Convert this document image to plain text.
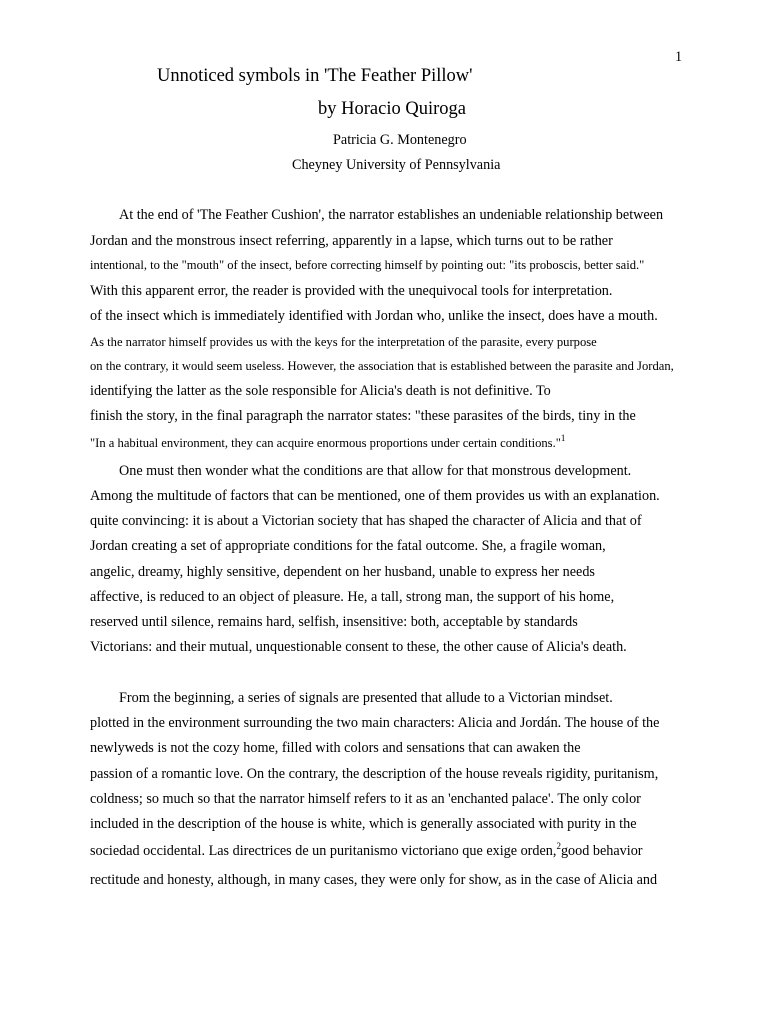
1
Unnoticed symbols in 'The Feather Pillow'
by Horacio Quiroga
Patricia G. Montenegro
Cheyney University of Pennsylvania
At the end of 'The Feather Cushion', the narrator establishes an undeniable relationship between
Jordan and the monstrous insect referring, apparently in a lapse, which turns out to be rather
intentional, to the "mouth" of the insect, before correcting himself by pointing out: "its proboscis, better said."
With this apparent error, the reader is provided with the unequivocal tools for interpretation.
of the insect which is immediately identified with Jordan who, unlike the insect, does have a mouth.
As the narrator himself provides us with the keys for the interpretation of the parasite, every purpose
on the contrary, it would seem useless. However, the association that is established between the parasite and Jordan,
identifying the latter as the sole responsible for Alicia's death is not definitive. To
finish the story, in the final paragraph the narrator states: "these parasites of the birds, tiny in the
"In a habitual environment, they can acquire enormous proportions under certain conditions."$^1$
One must then wonder what the conditions are that allow for that monstrous development.
Among the multitude of factors that can be mentioned, one of them provides us with an explanation.
quite convincing: it is about a Victorian society that has shaped the character of Alicia and that of
Jordan creating a set of appropriate conditions for the fatal outcome. She, a fragile woman,
angelic, dreamy, highly sensitive, dependent on her husband, unable to express her needs
affective, is reduced to an object of pleasure. He, a tall, strong man, the support of his home,
reserved until silence, remains hard, selfish, insensitive: both, acceptable by standards
Victorians: and their mutual, unquestionable consent to these, the other cause of Alicia's death.
From the beginning, a series of signals are presented that allude to a Victorian mindset.
plotted in the environment surrounding the two main characters: Alicia and Jordán. The house of the
newlyweds is not the cozy home, filled with colors and sensations that can awaken the
passion of a romantic love. On the contrary, the description of the house reveals rigidity, puritanism,
coldness; so much so that the narrator himself refers to it as an 'enchanted palace'. The only color
included in the description of the house is white, which is generally associated with purity in the
sociedad occidental. Las directrices de un puritanismo victoriano que exige orden,$^2$good behavior
rectitude and honesty, although, in many cases, they were only for show, as in the case of Alicia and
